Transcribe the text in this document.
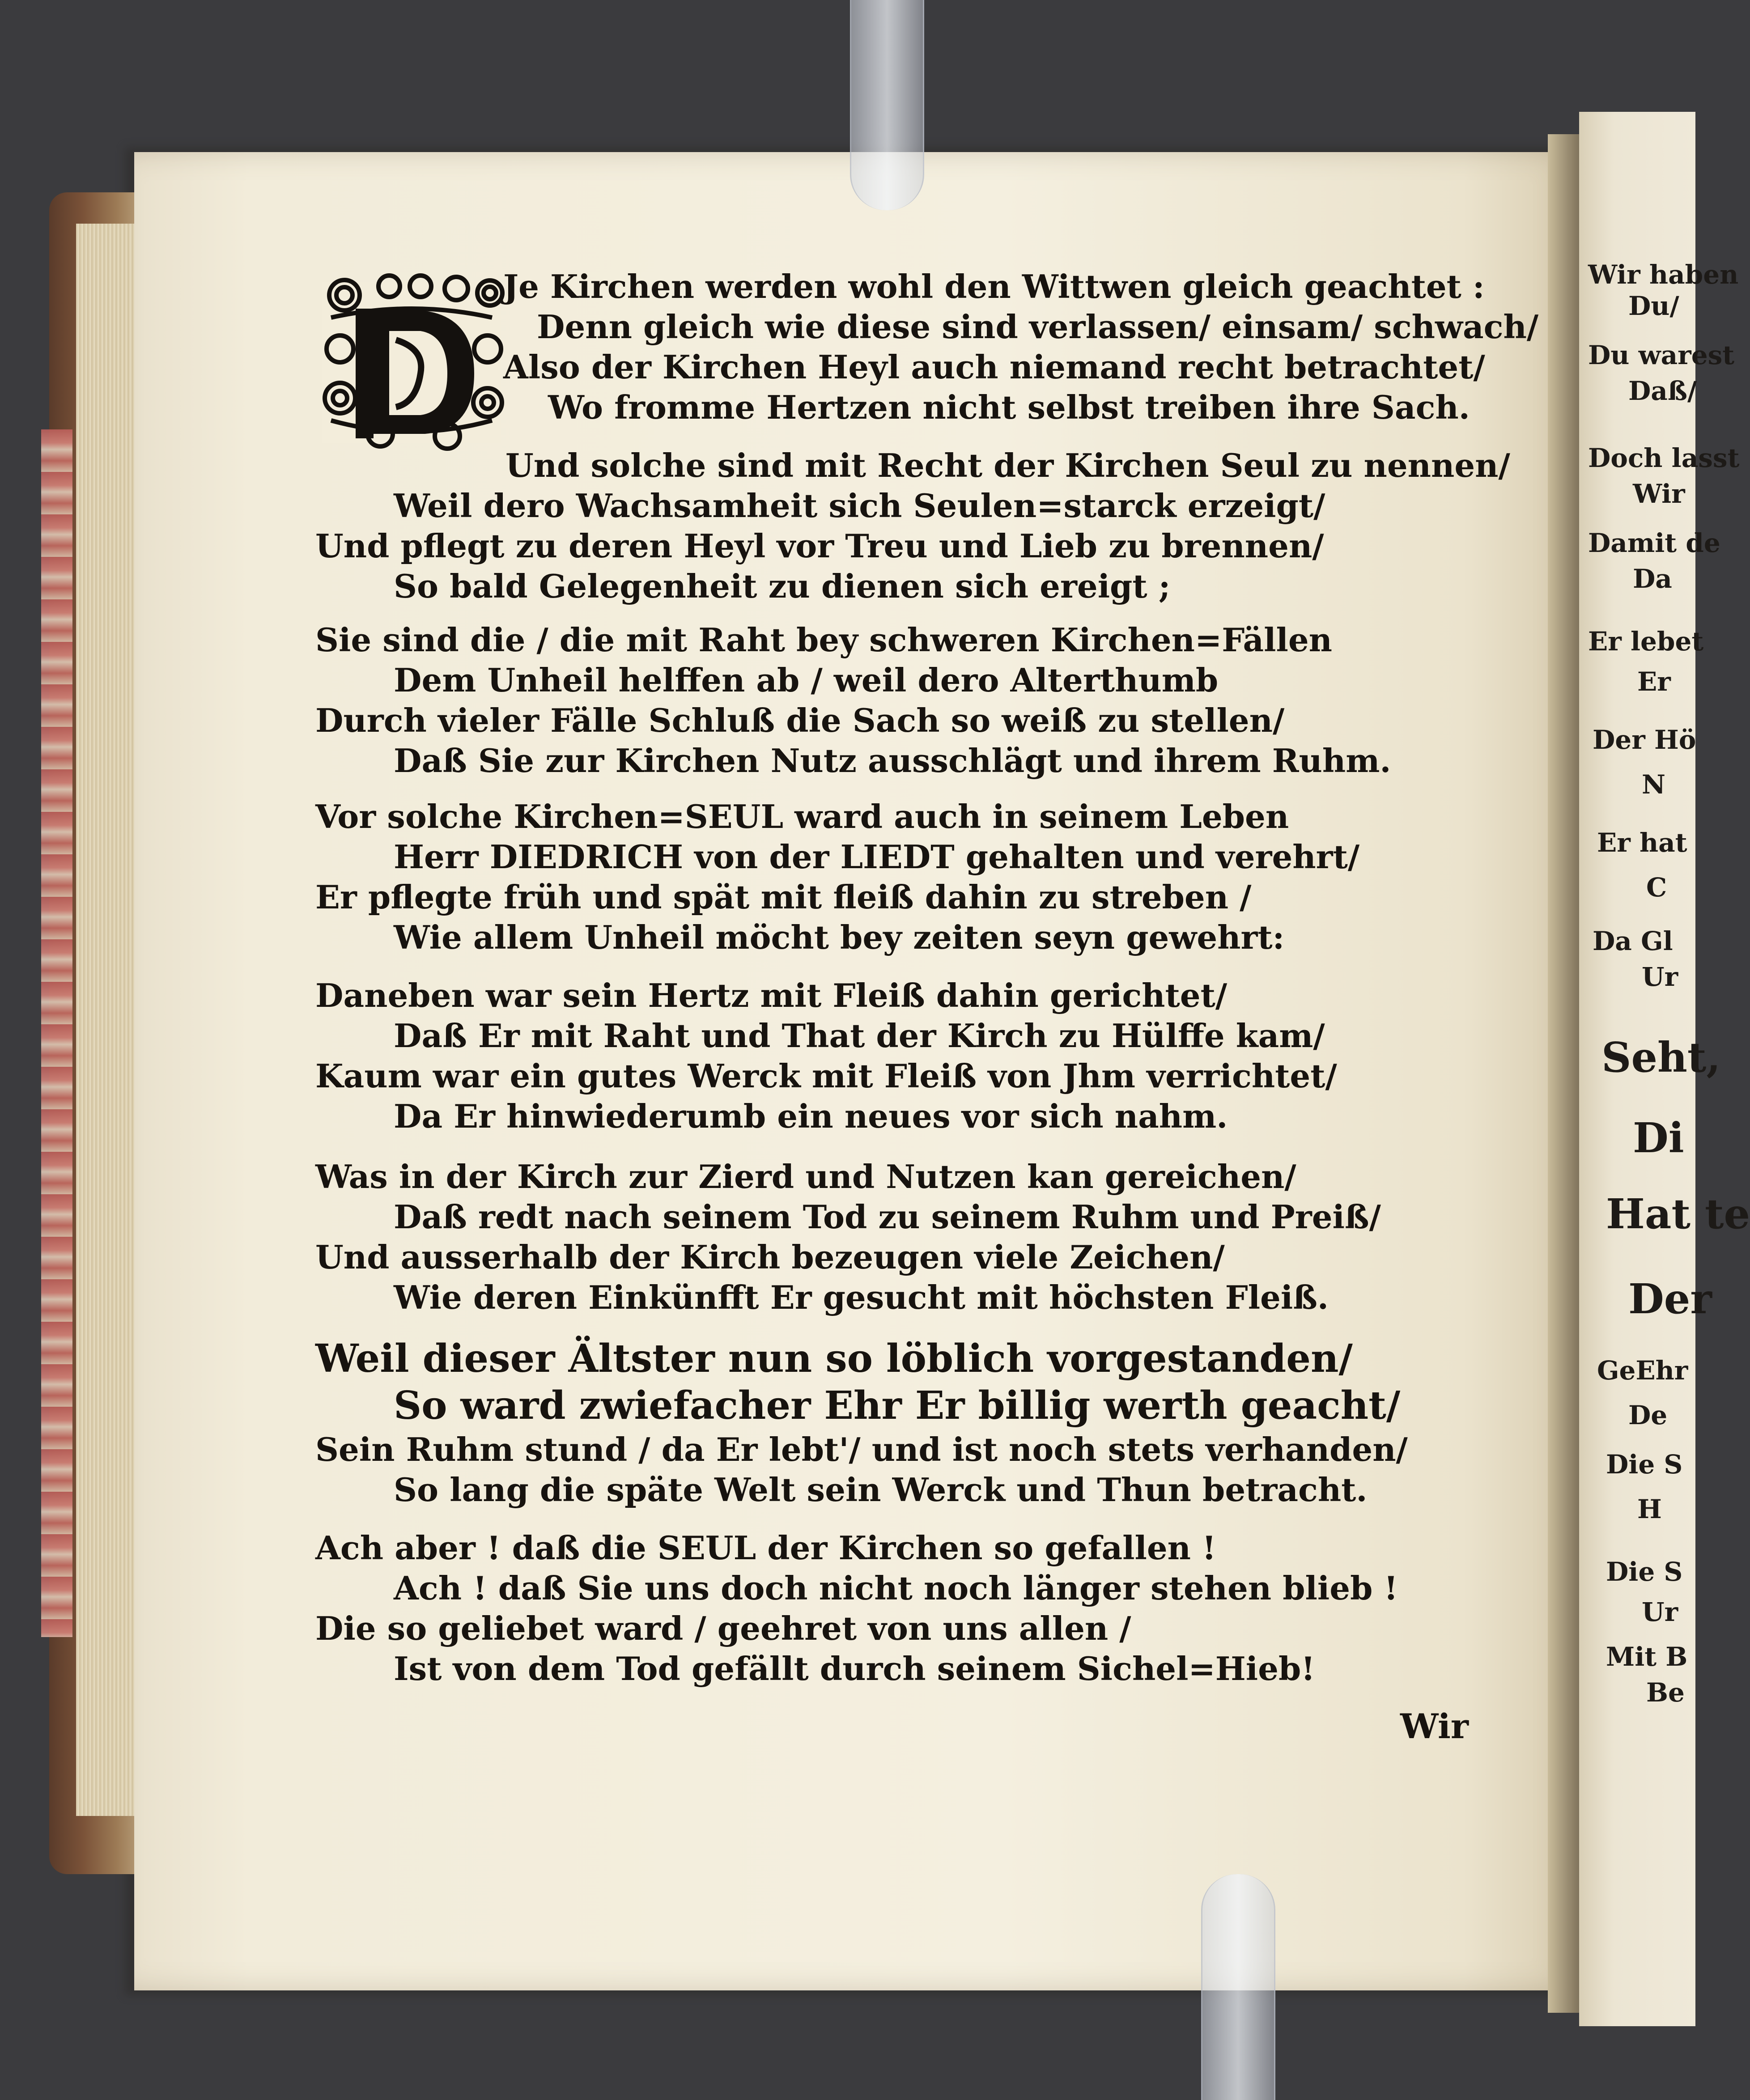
Wir haben
Du/
Du warest
Daß/
Doch lasst
Wir
Damit de
Da
Er lebet
Er
Der Hö
N
Er hat
C
Da Gl
Ur
Seht,
Di
Hat te
Der
GeEhr
De
Die S
H
Die S
Ur
Mit B
Be
D	Je Kirchen werden wohl den Wittwen gleich geachtet :
Denn gleich wie diese sind verlassen/ einsam/ schwach/
Also der Kirchen Heyl auch niemand recht betrachtet/
Wo fromme Hertzen nicht selbst treiben ihre Sach.
Und solche sind mit Recht der Kirchen Seul zu nennen/
Weil dero Wachsamheit sich Seulen=starck erzeigt/
Und pflegt zu deren Heyl vor Treu und Lieb zu brennen/
So bald Gelegenheit zu dienen sich ereigt ;
Sie sind die / die mit Raht bey schweren Kirchen=Fällen
Dem Unheil helffen ab / weil dero Alterthumb
Durch vieler Fälle Schluß die Sach so weiß zu stellen/
Daß Sie zur Kirchen Nutz ausschlägt und ihrem Ruhm.
Vor solche Kirchen=SEUL ward auch in seinem Leben
Herr DIEDRICH von der LIEDT gehalten und verehrt/
Er pflegte früh und spät mit fleiß dahin zu streben /
Wie allem Unheil möcht bey zeiten seyn gewehrt:
Daneben war sein Hertz mit Fleiß dahin gerichtet/
Daß Er mit Raht und That der Kirch zu Hülffe kam/
Kaum war ein gutes Werck mit Fleiß von Jhm verrichtet/
Da Er hinwiederumb ein neues vor sich nahm.
Was in der Kirch zur Zierd und Nutzen kan gereichen/
Daß redt nach seinem Tod zu seinem Ruhm und Preiß/
Und ausserhalb der Kirch bezeugen viele Zeichen/
Wie deren Einkünfft Er gesucht mit höchsten Fleiß.
Weil dieser Ältster nun so löblich vorgestanden/
So ward zwiefacher Ehr Er billig werth geacht/
Sein Ruhm stund / da Er lebt'/ und ist noch stets verhanden/
So lang die späte Welt sein Werck und Thun betracht.
Ach aber ! daß die SEUL der Kirchen so gefallen !
Ach ! daß Sie uns doch nicht noch länger stehen blieb !
Die so geliebet ward / geehret von uns allen /
Ist von dem Tod gefällt durch seinem Sichel=Hieb!
Wir
